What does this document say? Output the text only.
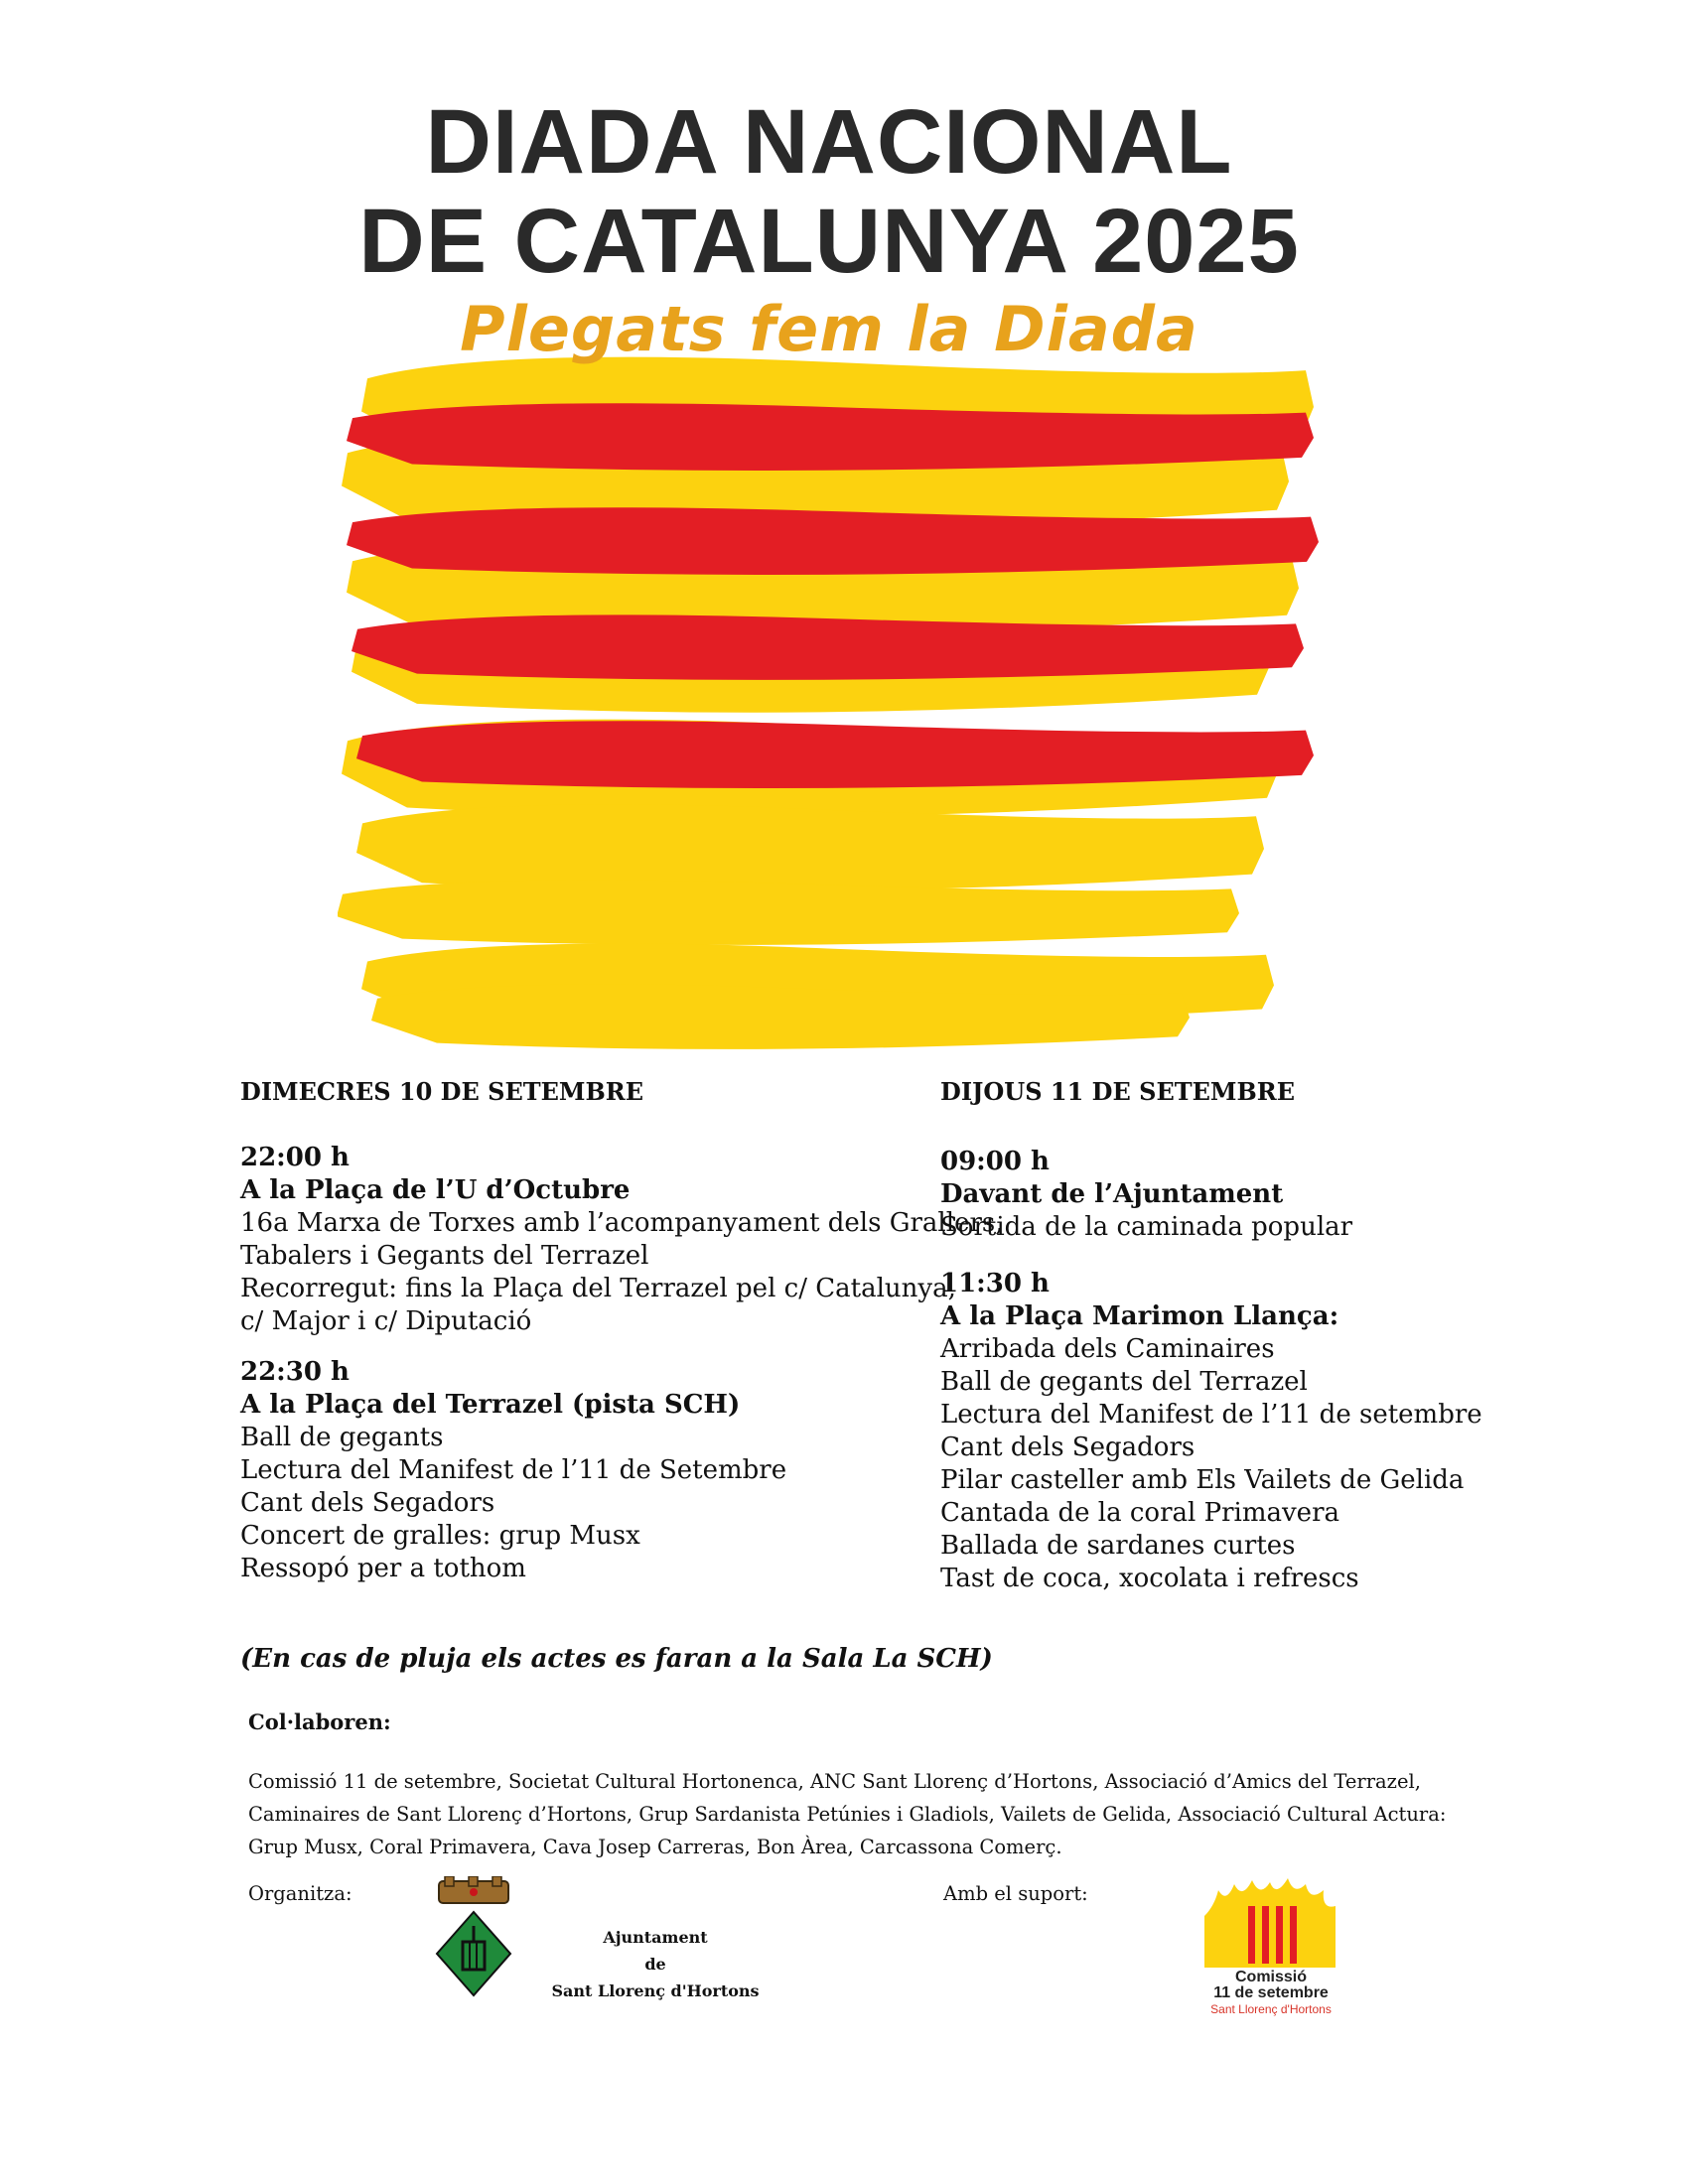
DIADA NACIONAL
DE CATALUNYA 2025
Plegats fem la Diada
DIMECRES 10 DE SETEMBRE
22:00 h
A la Plaça de l’U d’Octubre
16a Marxa de Torxes amb l’acompanyament dels Grallers,
Tabalers i Gegants del Terrazel
Recorregut: fins la Plaça del Terrazel pel c/ Catalunya,
c/ Major i c/ Diputació
22:30 h
A la Plaça del Terrazel (pista SCH)
Ball de gegants
Lectura del Manifest de l’11 de Setembre
Cant dels Segadors
Concert de gralles: grup Musx
Ressopó per a tothom
DIJOUS 11 DE SETEMBRE
09:00 h
Davant de l’Ajuntament
Sortida de la caminada popular
11:30 h
A la Plaça Marimon Llança:
Arribada dels Caminaires
Ball de gegants del Terrazel
Lectura del Manifest de l’11 de setembre
Cant dels Segadors
Pilar casteller amb Els Vailets de Gelida
Cantada de la coral Primavera
Ballada de sardanes curtes
Tast de coca, xocolata i refrescs
(En cas de pluja els actes es faran a la Sala La SCH)
Col·laboren:
Comissió 11 de setembre, Societat Cultural Hortonenca, ANC Sant Llorenç d’Hortons, Associació d’Amics del Terrazel, Caminaires de Sant Llorenç d’Hortons, Grup Sardanista Petúnies i Gladiols, Vailets de Gelida, Associació Cultural Actura: Grup Musx, Coral Primavera, Cava Josep Carreras, Bon Àrea, Carcassona Comerç.
Organitza:	Amb el suport:
Ajuntament
de
Sant Llorenç d'Hortons
Comissió
11 de setembre
Sant Llorenç d'Hortons
